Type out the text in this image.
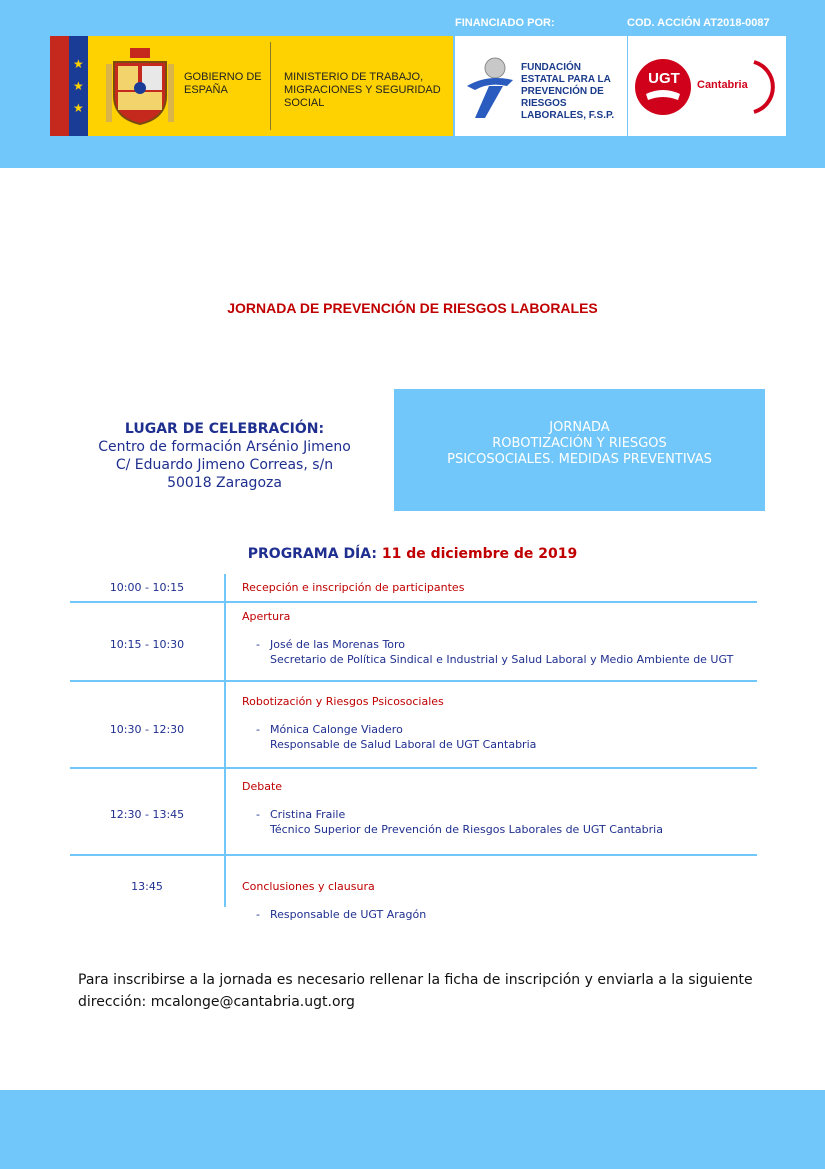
FINANCIADO POR:	COD. ACCIÓN AT2018-0087
★
★
★
GOBIERNO DE ESPAÑA
MINISTERIO DE TRABAJO, MIGRACIONES Y SEGURIDAD SOCIAL
FUNDACIÓN ESTATAL PARA LA PREVENCIÓN DE RIESGOS LABORALES, F.S.P.
UGT	Cantabria
JORNADA DE PREVENCIÓN DE RIESGOS LABORALES
LUGAR DE CELEBRACIÓN:
Centro de formación Arsénio Jimeno
C/ Eduardo Jimeno Correas, s/n
50018 Zaragoza
JORNADA
ROBOTIZACIÓN Y RIESGOS
PSICOSOCIALES. MEDIDAS PREVENTIVAS
PROGRAMA DÍA: 11 de diciembre de 2019
10:00 - 10:15	Recepción e inscripción de participantes
Apertura
10:15 - 10:30	- José de las Morenas Toro
Secretario de Política Sindical e Industrial y Salud Laboral y Medio Ambiente de UGT
Robotización y Riesgos Psicosociales
10:30 - 12:30	- Mónica Calonge Viadero
Responsable de Salud Laboral de UGT Cantabria
Debate
12:30 - 13:45	- Cristina Fraile
Técnico Superior de Prevención de Riesgos Laborales de UGT Cantabria
13:45	Conclusiones y clausura
- Responsable de UGT Aragón
Para inscribirse a la jornada es necesario rellenar la ficha de inscripción y enviarla a la siguiente dirección: mcalonge@cantabria.ugt.org
